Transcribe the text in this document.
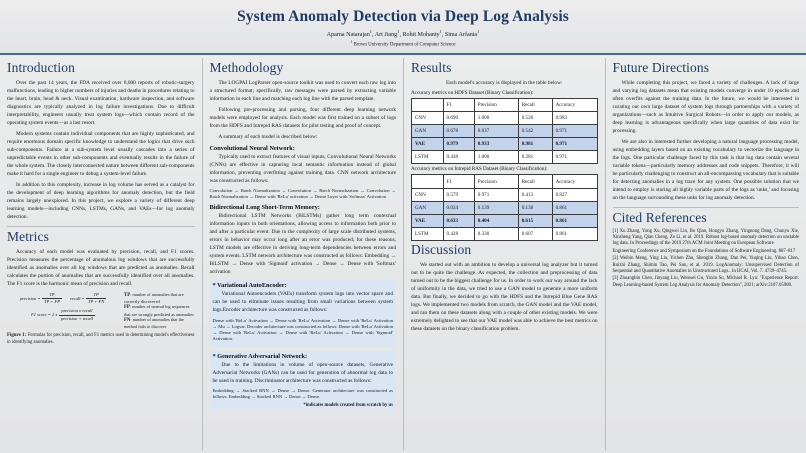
System Anomaly Detection via Deep Log Analysis
Aparna Natarajan$^1$, Art Jiang$^1$, Rohit Mohanty$^1$, Sima Arfania$^1$
$^1$ Brown University Department of Computer Science
Introduction

Over the past 14 years, the FDA received over 8,000 reports of robotic-surgery malfunctions, leading to higher numbers of injuries and deaths in procedures relating to the heart, brain, head & neck. Visual examination, hardware inspection, and software diagnostics are typically analyzed in log failure investigations. Due to difficult interpretability, engineers usually treat system logs—which contain record of the operating system events—as a last resort.

Modern systems contain individual components that are highly sophisticated, and require enormous domain specific knowledge to understand the logics that drive such sub-components. Failure at a sub-system level usually cascades into a series of unpredictable events in other sub-components and eventually results in the failure of the whole system. The closely interconnected nature between different sub-components make it hard for a single engineer to debug a system-level failure.

In addition to this complexity, increase in log volume has served as a catalyst for the development of deep learning algorithms for anomaly detection, but the field remains largely unexplored. In this project, we explore a variety of different deep learning models—including CNNs, LSTMs, GANs, and VAEs—for log anomaly detection.

Metrics

Accuracy of each model was evaluated by precision, recall, and F1 scores. Precision measures the percentage of anomalous log windows that are successfully identified as anomalies over all log windows that are predicted as anomalies. Recall calculates the portion of anomalies that are successfully identified over all anomalies. The F1 score is the harmonic mean of precision and recall.

precision = $\frac{TP}{TP + FP}$ recall = $\frac{TP}{TP + FN}$
F1 score = 2 x $\frac{\text{precision x recall}}{\text{precision + recall}}$
TP: number of anomalies that are correctly discovered
FP: number of normal log sequences that are wrongly predicted as anomalies
FN: number of anomalies that the method fails to discover
Figure 1: Formulas for precision, recall, and F1 metrics used in determining model's effectiveness in identifying anomalies.
Methodology

The LOGPAI LogParser open-source toolkit was used to convert each raw log into a structured format; specifically, raw messages were parsed by extracting variable information in each line and matching each log line with the parsed template.

Following pre-processing and parsing, four different deep learning network models were employed for analysis. Each model was first trained on a subset of logs from the HDFS and Intrepid RAS datasets for pilot testing and proof of concept.

A summary of each model is described below:

Convolutional Neural Network:

Typically used to extract features of visual inputs, Convolutional Neural Networks (CNNs) are effective in capturing local semantic information instead of global information, preventing overfitting against training data. CNN network architecture was constructed as follows:

Convolution → Batch Normalization → Convolution → Batch Normalization → Convolution → Batch Normalization → Dense with 'ReLu' activation → Dense Layer with 'Softmax' Activation
Bidirectional Long Short-Term Memory:

Bidirectional LSTM Networks (BiLSTMs) gather long term contextual information inputs in both orientations, allowing access to information both prior to and after a particular event. Due to the complexity of large scale distributed systems, errors in behavior may occur long after an error was produced; for these reasons, LSTM models are effective in deriving long-term dependencies between errors and system events. LSTM network architecture was constructed as follows: Embedding → BiLSTM → Dense with 'Sigmoid' activation → Dense → Dense with 'Softmax' activation

* Variational AutoEncoder:

Variational Autoencoders (VAEs) transform system logs into vector space and can be used to eliminate issues resulting from small variations between system logs.Encoder architecture was constructed as follows:

Dense with 'ReLu' Activation → Dense with 'ReLu' Activation → Dense with 'ReLu' Activation → Mu → Logvar. Decoder architecture was constructed as follows: Dense with 'ReLu' Activation → Dense with 'ReLu' Activation → Dense with 'ReLu' Activation → Dense with 'Sigmoid' Activation.
* Generative Adversarial Network:

Due to the limitations in volume of open-source datasets, Generative Adversarial Networks (GANs) can be used for generation of abnormal log data to be used in training. Discriminator architecture was constructed as follows:

Embedding → Stacked RNN → Dense → Dense. Generator architecture was constructed as follows: Embedding → Stacked RNN → Dense → Dense.
*indicates models created from scratch by us
Results

Each model's accuracy is displayed in the table below:

Accuracy metrics on HDFS Dataset (Binary Classification):
	F1	Precision	Recall	Accuracy
CNN	0.690	1.000	0.526	0.983
GAN	0.678	0.037	0.542	0.971
VAE	0.979	0.933	0.981	0.971
LSTM	0.438	1.000	0.281	0.971
Accuracy metrics on Intrepid RAS Dataset (Binary Classification):
	F1	Precision	Recall	Accuracy
CNN	0.579	0.971	0.413	0.827
GAN	0.034	0.139	0.138	0.861
VAE	0.633	0.404	0.615	0.861
LSTM	0.428	0.330	0.607	0.861
Discussion

We started out with an ambition to develop a universal log analyzer but it turned out to be quite the challenge. As expected, the collection and preprocessing of data turned out to be the biggest challenge for us. In order to work our way around the lack of uniformity in the data, we tried to use a GAN model to generate a more uniform data. But finally, we decided to go with the HDFS and the Intrepid Blue Gene RAS logs. We implemented two models from scratch, the GAN model and the VAE model, and ran them on these datasets along with a couple of other existing models. We were extremely delighted to see that our VAE model was able to achieve the best metrics on these datasets on the binary classification problem.

Future Directions

While completing this project, we faced a variety of challenges. A lack of large and varying log datasets mean that existing models converge in under 10 epochs and often overfits against the training data. In the future, we would be interested in curating our own large dataset of system logs through partnerships with a variety of organizations—such as Intuitive Surgical Robots—in order to apply our models, as deep learning is advantageous specifically when large quantities of data exist for processing.

We are also in interested further developing a natural language processing model, using embedding layers based on an existing vocabulary to vectorize the language in the logs. One particular challenge faced by this task is that log data contain several variable tokens—particularly memory addresses and code snippets. Therefore, it will be particularly challenging to construct an all-encompassing vocabulary that is suitable for detecting anomalies in a log trace for any system. One possible solution that we intend to employ is storing all highly variable parts of the logs as 'unks,' and focusing on the language surrounding these unks for log anomaly detection.

Cited References

[1] Xu Zhang, Yong Xu, Qingwei Lin, Bo Qiao, Hongyu Zhang, Yingnong Dang, Chunyu Xie, Xinsheng Yang, Qian Cheng, Ze Li, et al. 2019. Robust log-based anomaly detection on unstable log data. In Proceedings of the 2019 27th ACM Joint Meeting on European Software

Engineering Conference and Symposium on the Foundations of Software Engineering. 807–817

[2] Weibin Meng, Ying Liu, Yichen Zhu, Shenglin Zhang, Dan Pei, Yuqing Liu, Yihao Chen, Ruizhi Zhang, Shimin Tao, Pei Sun, et al. 2019. LogAnomaly: Unsupervised Detection of Sequential and Quantitative Anomalies in Unstructured Logs.. In IJCAI, Vol. 7. 4739–4745.

[3] Zhuangbin Chen, Jinyang Liu, Wenwei Gu, Yuxin Su, Michael R. Lyu: "Experience Report: Deep Learning-based System Log Analysis for Anomaly Detection", 2021; arXiv:2107.05908.
